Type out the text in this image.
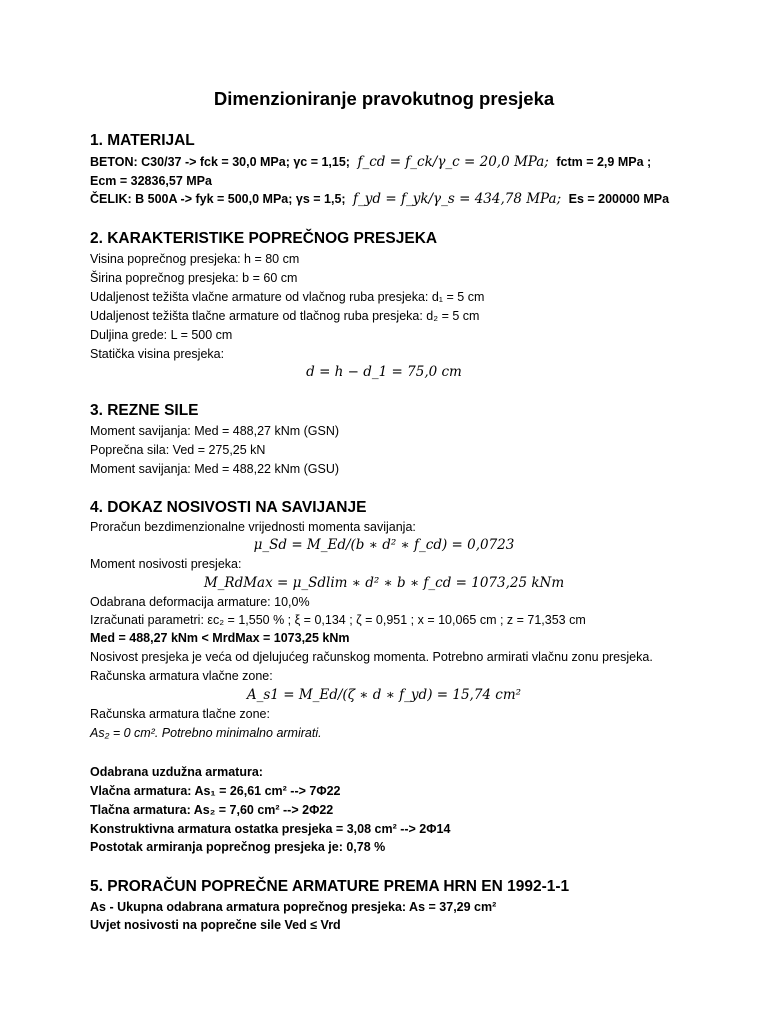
Dimenzioniranje pravokutnog presjeka
1. MATERIJAL
BETON: C30/37 -> fck = 30,0 MPa; γc = 1,15; f_cd = f_ck/γ_c = 20,0 MPa; fctm = 2,9 MPa ;
Ecm = 32836,57 MPa
ČELIK: B 500A -> fyk = 500,0 MPa; γs = 1,5; f_yd = f_yk/γ_s = 434,78 MPa; Es = 200000 MPa
2. KARAKTERISTIKE POPREČNOG PRESJEKA
Visina poprečnog presjeka: h = 80 cm
Širina poprečnog presjeka: b = 60 cm
Udaljenost težišta vlačne armature od vlačnog ruba presjeka: d₁ = 5 cm
Udaljenost težišta tlačne armature od tlačnog ruba presjeka: d₂ = 5 cm
Duljina grede: L = 500 cm
Statička visina presjeka:
d = h − d_1 = 75,0 cm
3. REZNE SILE
Moment savijanja: Med = 488,27 kNm (GSN)
Poprečna sila: Ved = 275,25 kN
Moment savijanja: Med = 488,22 kNm (GSU)
4. DOKAZ NOSIVOSTI NA SAVIJANJE
Proračun bezdimenzionalne vrijednosti momenta savijanja:
μ_Sd = M_Ed/(b ∗ d² ∗ f_cd) = 0,0723
Moment nosivosti presjeka:
M_RdMax = μ_Sdlim ∗ d² ∗ b ∗ f_cd = 1073,25 kNm
Odabrana deformacija armature: 10,0%
Izračunati parametri: εc₂ = 1,550 % ; ξ = 0,134 ; ζ = 0,951 ; x = 10,065 cm ; z = 71,353 cm
Med = 488,27 kNm < MrdMax = 1073,25 kNm
Nosivost presjeka je veća od djelujućeg računskog momenta. Potrebno armirati vlačnu zonu presjeka.
Računska armatura vlačne zone:
A_s1 = M_Ed/(ζ ∗ d ∗ f_yd) = 15,74 cm²
Računska armatura tlačne zone:
As₂ = 0 cm². Potrebno minimalno armirati.
Odabrana uzdužna armatura:
Vlačna armatura: As₁ = 26,61 cm² --> 7Φ22
Tlačna armatura: As₂ = 7,60 cm² --> 2Φ22
Konstruktivna armatura ostatka presjeka = 3,08 cm² --> 2Φ14
Postotak armiranja poprečnog presjeka je: 0,78 %
5. PRORAČUN POPREČNE ARMATURE PREMA HRN EN 1992-1-1
As - Ukupna odabrana armatura poprečnog presjeka: As = 37,29 cm²
Uvjet nosivosti na poprečne sile Ved ≤ Vrd
